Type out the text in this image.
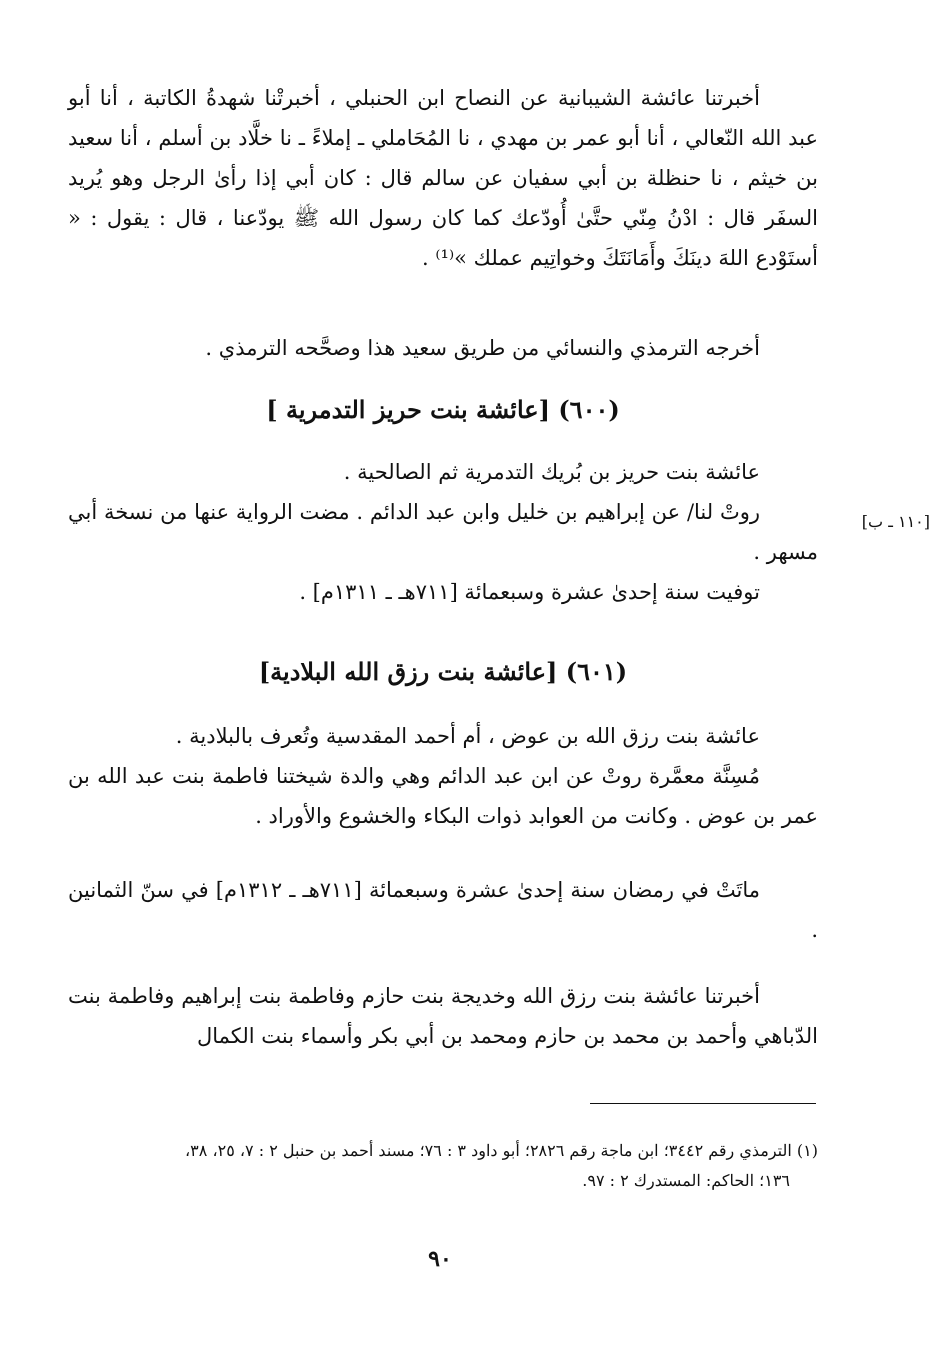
أخبرتنا عائشة الشيبانية عن النصاح ابن الحنبلي ، أخبرتْنا شهدةُ الكاتبة ، أنا أبو عبد الله النّعالي ، أنا أبو عمر بن مهدي ، نا المُحَاملي ـ إملاءً ـ نا خلَّاد بن أسلم ، أنا سعيد بن خيثم ، نا حنظلة بن أبي سفيان عن سالم قال : كان أبي إذا رأىٰ الرجل وهو يُريد السفَر قال : ادْنُ مِنّي حتَّىٰ أُودّعك كما كان رسول الله ﷺ يودّعنا ، قال : يقول : « أستَوْدع اللهَ دينَكَ وأَمَانَتَكَ وخواتِيم عملك »⁽¹⁾ .

أخرجه الترمذي والنسائي من طريق سعيد هذا وصحَّحه الترمذي .

(٦٠٠) [عائشة بنت حريز التدمرية ]

عائشة بنت حريز بن بُريك التدمرية ثم الصالحية .

روتْ لنا/ عن إبراهيم بن خليل وابن عبد الدائم . مضت الرواية عنها من نسخة أبي مسهر .

توفيت سنة إحدىٰ عشرة وسبعمائة [٧١١هـ ـ ١٣١١م] .

[١١٠ ـ ب]
(٦٠١) [عائشة بنت رزق الله البلادية]

عائشة بنت رزق الله بن عوض ، أم أحمد المقدسية وتُعرف بالبلادية .

مُسِنَّة معمَّرة روتْ عن ابن عبد الدائم وهي والدة شيختنا فاطمة بنت عبد الله بن عمر بن عوض . وكانت من العوابد ذوات البكاء والخشوع والأوراد .

ماتَتْ في رمضان سنة إحدىٰ عشرة وسبعمائة [٧١١هـ ـ ١٣١٢م] في سنّ الثمانين .

أخبرتنا عائشة بنت رزق الله وخديجة بنت حازم وفاطمة بنت إبراهيم وفاطمة بنت الدّباهي وأحمد بن محمد بن حازم ومحمد بن أبي بكر وأسماء بنت الكمال

(١) الترمذي رقم ٣٤٤٢؛ ابن ماجة رقم ٢٨٢٦؛ أبو داود ٣ : ٧٦؛ مسند أحمد بن حنبل ٢ : ٧، ٢٥، ٣٨،

١٣٦؛ الحاكم: المستدرك ٢ : ٩٧.

٩٠
